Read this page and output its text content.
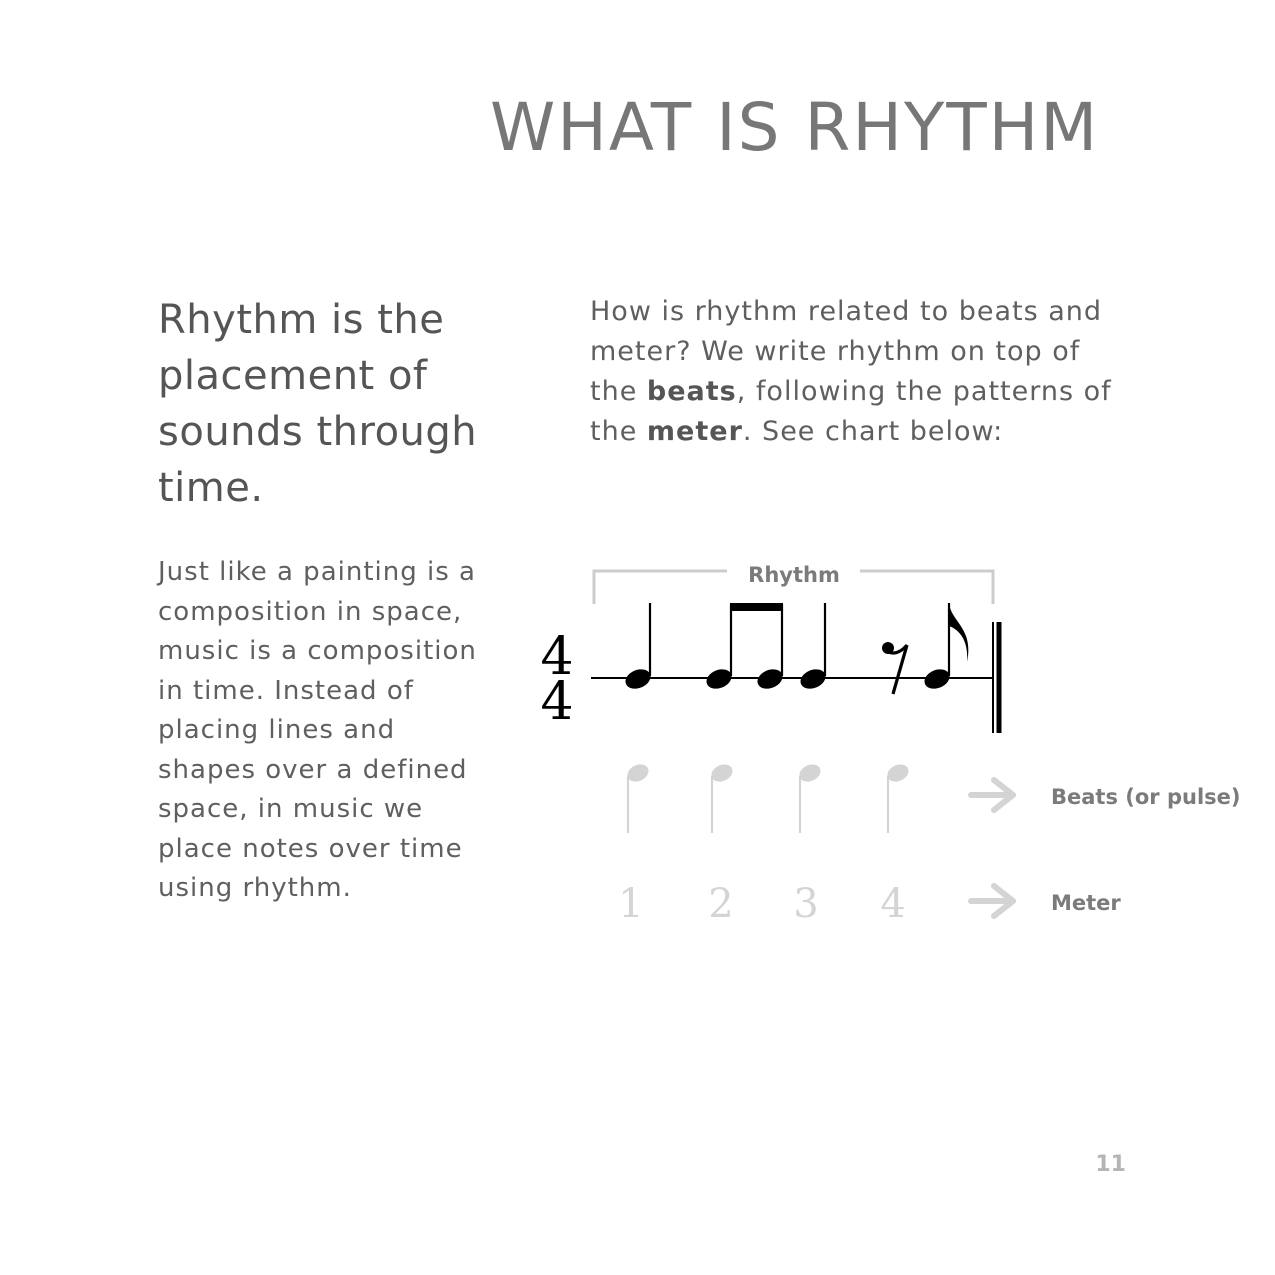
WHAT IS RHYTHM

Rhythm is the placement of sounds through time.

Just like a painting is a composition in space, music is a composition in time. Instead of placing lines and shapes over a defined space, in music we place notes over time using rhythm.

How is rhythm related to beats and meter? We write rhythm on top of the beats, following the patterns of the meter. See chart below:

Rhythm
4
4
1 2 3 4
Beats (or pulse)
Meter

11
